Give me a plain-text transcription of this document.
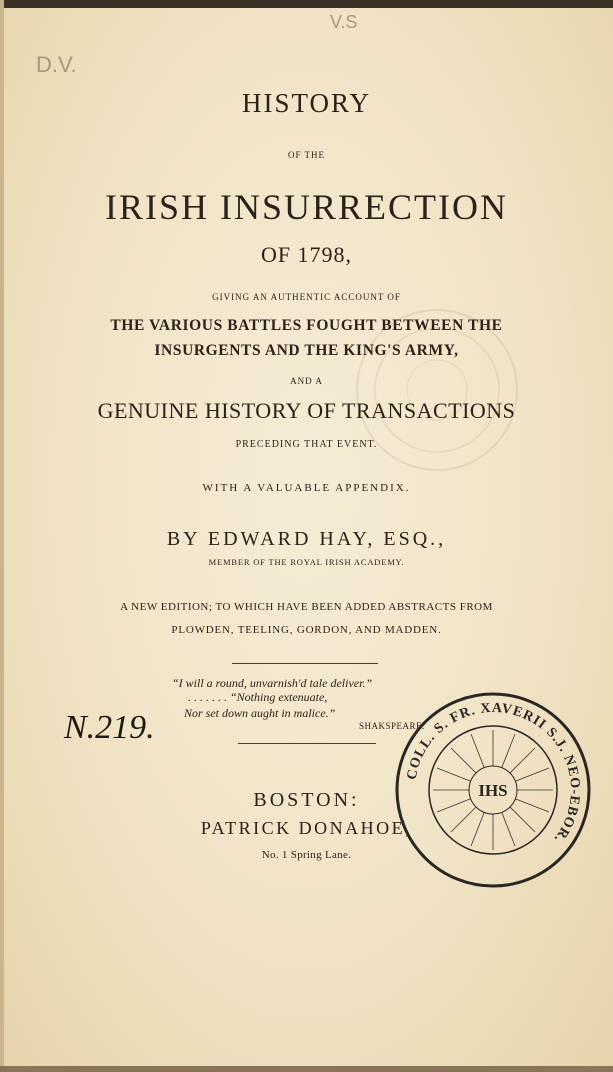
D.V.
V.S
HISTORY
OF THE
IRISH INSURRECTION
OF 1798,
GIVING AN AUTHENTIC ACCOUNT OF
THE VARIOUS BATTLES FOUGHT BETWEEN THE
INSURGENTS AND THE KING'S ARMY,
AND A
GENUINE HISTORY OF TRANSACTIONS
PRECEDING THAT EVENT.
WITH A VALUABLE APPENDIX.
BY EDWARD HAY, ESQ.,
MEMBER OF THE ROYAL IRISH ACADEMY.
A NEW EDITION; TO WHICH HAVE BEEN ADDED ABSTRACTS FROM
PLOWDEN, TEELING, GORDON, AND MADDEN.
“I will a round, unvarnish'd tale deliver.”
. . . . . . . “Nothing extenuate,
Nor set down aught in malice.”
SHAKSPEARE.
N.219.
BOSTON:
PATRICK DONAHOE,
No. 1 Spring Lane.
IHS
COLL. S. FR. XAVERII S.J. NEO-EBOR.
